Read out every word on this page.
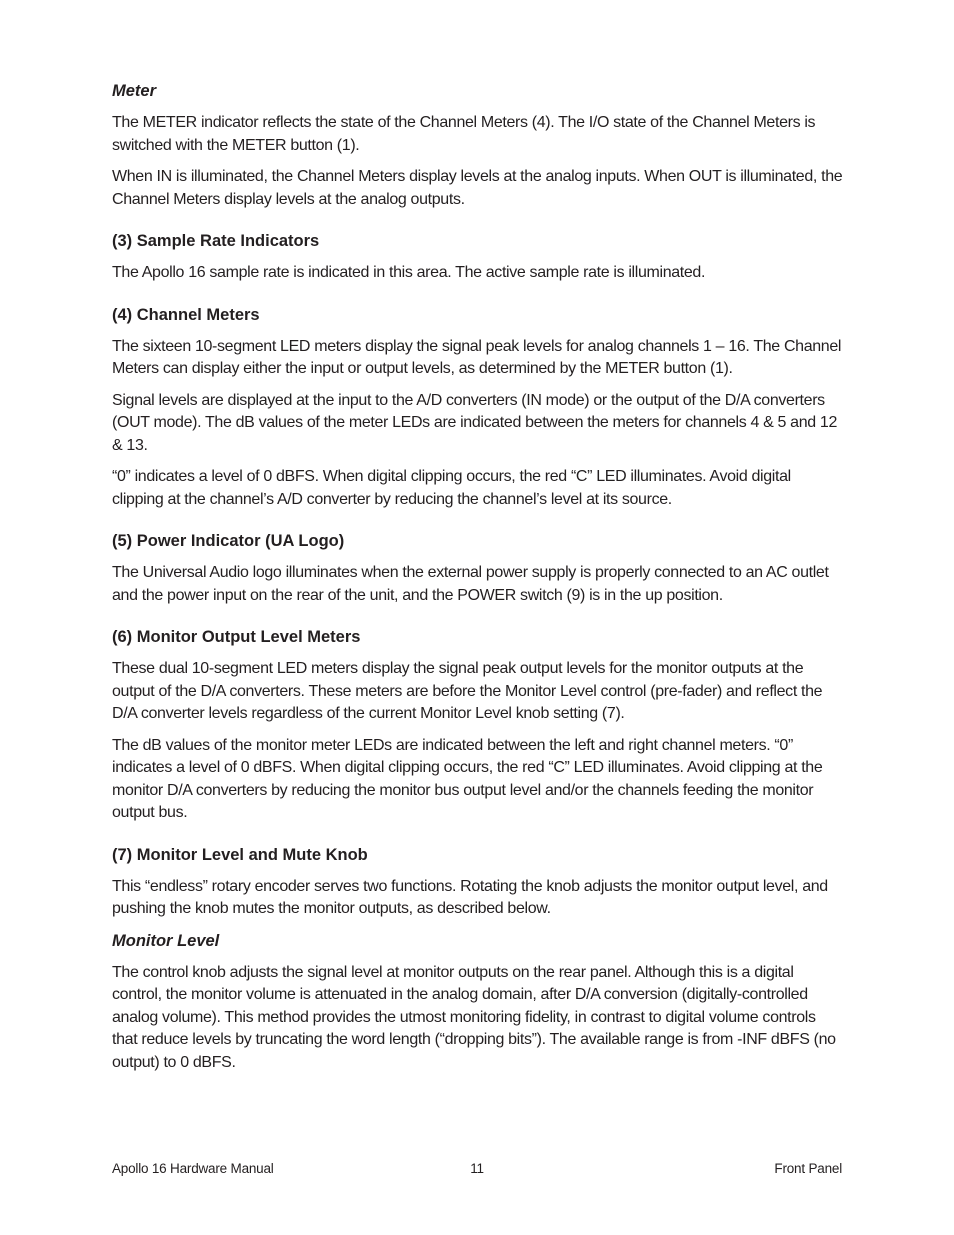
Meter

The METER indicator reflects the state of the Channel Meters (4). The I/O state of the Channel Meters is switched with the METER button (1).

When IN is illuminated, the Channel Meters display levels at the analog inputs. When OUT is illuminated, the Channel Meters display levels at the analog outputs.

(3) Sample Rate Indicators

The Apollo 16 sample rate is indicated in this area. The active sample rate is illuminated.

(4) Channel Meters

The sixteen 10-segment LED meters display the signal peak levels for analog channels 1 – 16. The Channel Meters can display either the input or output levels, as determined by the METER button (1).

Signal levels are displayed at the input to the A/D converters (IN mode) or the output of the D/A converters (OUT mode). The dB values of the meter LEDs are indicated between the meters for channels 4 & 5 and 12 & 13.

“0” indicates a level of 0 dBFS. When digital clipping occurs, the red “C” LED illuminates. Avoid digital clipping at the channel’s A/D converter by reducing the channel’s level at its source.

(5) Power Indicator (UA Logo)

The Universal Audio logo illuminates when the external power supply is properly connected to an AC outlet and the power input on the rear of the unit, and the POWER switch (9) is in the up position.

(6) Monitor Output Level Meters

These dual 10-segment LED meters display the signal peak output levels for the monitor outputs at the output of the D/A converters. These meters are before the Monitor Level control (pre-fader) and reflect the D/A converter levels regardless of the current Monitor Level knob setting (7).

The dB values of the monitor meter LEDs are indicated between the left and right channel meters. “0” indicates a level of 0 dBFS. When digital clipping occurs, the red “C” LED illuminates. Avoid clipping at the monitor D/A converters by reducing the monitor bus output level and/or the channels feeding the monitor output bus.

(7) Monitor Level and Mute Knob

This “endless” rotary encoder serves two functions. Rotating the knob adjusts the monitor output level, and pushing the knob mutes the monitor outputs, as described below.

Monitor Level

The control knob adjusts the signal level at monitor outputs on the rear panel. Although this is a digital control, the monitor volume is attenuated in the analog domain, after D/A conversion (digitally-controlled analog volume). This method provides the utmost monitoring fidelity, in contrast to digital volume controls that reduce levels by truncating the word length (“dropping bits”). The available range is from -INF dBFS (no output) to 0 dBFS.

Apollo 16 Hardware Manual	11	Front Panel
